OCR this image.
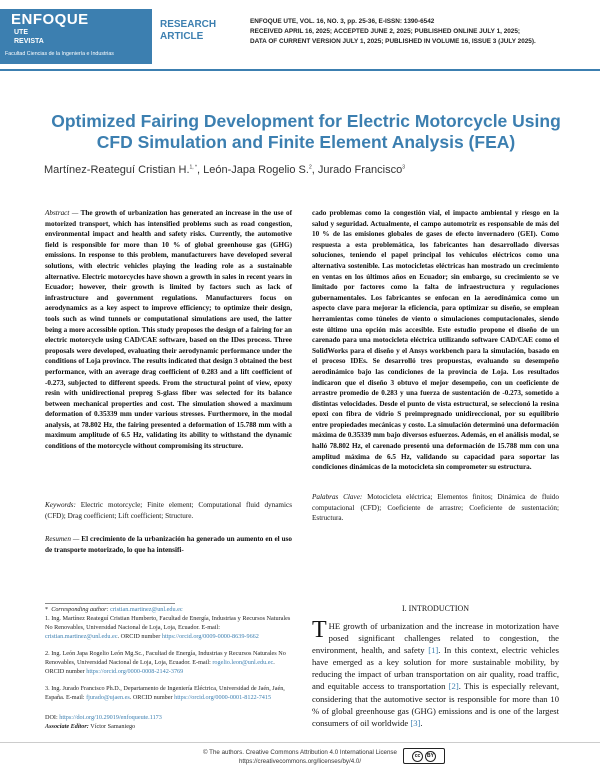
ENFOQUE
UTE
REVISTA
Facultad Ciencias de la Ingeniería e Industrias
RESEARCH
ARTICLE
ENFOQUE UTE, VOL. 16, NO. 3, pp. 25-36, E-ISSN: 1390-6542
RECEIVED APRIL 16, 2025; ACCEPTED JUNE 2, 2025; PUBLISHED ONLINE JULY 1, 2025;
DATA OF CURRENT VERSION JULY 1, 2025; PUBLISHED IN VOLUME 16, ISSUE 3 (JULY 2025).
Optimized Fairing Development for Electric Motorcycle Using CFD Simulation and Finite Element Analysis (FEA)
Martínez-Reateguí Cristian H.$^{1, *}$, León-Japa Rogelio S.$^2$, Jurado Francisco$^3$
Abstract — The growth of urbanization has generated an increase in the use of motorized transport, which has intensified problems such as road congestion, environmental impact and health and safety risks. Currently, the automotive field is responsible for more than 10 % of global greenhouse gas (GHG) emissions. In response to this problem, manufacturers have developed several solutions, with electric vehicles playing the leading role as a sustainable alternative. Electric motorcycles have shown a growth in sales in recent years in Ecuador; however, their growth is limited by factors such as lack of infrastructure and government regulations. Manufacturers focus on aerodynamics as a key aspect to improve efficiency; to optimize their design, tools such as wind tunnels or computational simulations are used, the latter being a more accessible option. This study proposes the design of a fairing for an electric motorcycle using CAD/CAE software, based on the IDes process. Three proposals were developed, evaluating their aerodynamic performance under the conditions of Loja province. The results indicated that design 3 obtained the best performance, with an average drag coefficient of 0.283 and a lift coefficient of -0.273, subjected to different speeds. From the structural point of view, epoxy resin with unidirectional prepreg S-glass fiber was selected for its balance between mechanical properties and cost. The simulation showed a maximum deformation of 0.35339 mm under various stresses. Furthermore, in the modal analysis, at 78.802 Hz, the fairing presented a deformation of 15.788 mm with a maximum amplitude of 6.5 Hz, validating its ability to withstand the dynamic conditions of the motorcycle without compromising its structure.
Keywords: Electric motorcycle; Finite element; Computational fluid dynamics (CFD); Drag coefficient; Lift coefficient; Structure.
Resumen — El crecimiento de la urbanización ha generado un aumento en el uso de transporte motorizado, lo que ha intensifi-
* Corresponding author: cristian.martinez@unl.edu.ec
1. Ing. Martínez Reateguí Cristian Humberto, Facultad de Energía, Industrias y Recursos Naturales No Renovables, Universidad Nacional de Loja, Loja, Ecuador. E-mail: cristian.martinez@unl.edu.ec. ORCID number https://orcid.org/0009-0000-8639-9662
2. Ing. León Japa Rogelio León Mg.Sc., Facultad de Energía, Industrias y Recursos Naturales No Renovables, Universidad Nacional de Loja, Loja, Ecuador. E-mail: rogelio.leon@unl.edu.ec. ORCID number https://orcid.org/0000-0008-2142-3769
3. Ing. Jurado Francisco Ph.D., Departamento de Ingeniería Eléctrica, Universidad de Jaén, Jaén, España. E-mail: fjurado@ujaen.es. ORCID number https://orcid.org/0000-0001-8122-7415
DOI: https://doi.org/10.29019/enfoqueute.1173
Associate Editor: Víctor Samaniego
cado problemas como la congestión vial, el impacto ambiental y riesgo en la salud y seguridad. Actualmente, el campo automotriz es responsable de más del 10 % de las emisiones globales de gases de efecto invernadero (GEI). Como respuesta a esta problemática, los fabricantes han desarrollado diversas soluciones, teniendo el papel principal los vehículos eléctricos como una alternativa sostenible. Las motocicletas eléctricas han mostrado un crecimiento en ventas en los últimos años en Ecuador; sin embargo, su crecimiento se ve limitado por factores como la falta de infraestructura y regulaciones gubernamentales. Los fabricantes se enfocan en la aerodinámica como un aspecto clave para mejorar la eficiencia, para optimizar su diseño, se emplean herramientas como túneles de viento o simulaciones computacionales, siendo este último una opción más accesible. Este estudio propone el diseño de un carenado para una motocicleta eléctrica utilizando software CAD/CAE como el SolidWorks para el diseño y el Ansys workbench para la simulación, basado en el proceso IDEs. Se desarrolló tres propuestas, evaluando su desempeño aerodinámico bajo las condiciones de la provincia de Loja. Los resultados indicaron que el diseño 3 obtuvo el mejor desempeño, con un coeficiente de arrastre promedio de 0.283 y una fuerza de sustentación de -0.273, sometido a distintas velocidades. Desde el punto de vista estructural, se seleccionó la resina epoxi con fibra de vidrio S preimpregnado unidireccional, por su equilibrio entre propiedades mecánicas y costo. La simulación determinó una deformación máxima de 0.35339 mm bajo diversos esfuerzos. Además, en el análisis modal, se halló 78.802 Hz, el carenado presentó una deformación de 15.788 mm con una amplitud máxima de 6.5 Hz, validando su capacidad para soportar las condiciones dinámicas de la motocicleta sin comprometer su estructura.
Palabras Clave: Motocicleta eléctrica; Elementos finitos; Dinámica de fluido computacional (CFD); Coeficiente de arrastre; Coeficiente de sustentación; Estructura.
I. INTRODUCTION
THE growth of urbanization and the increase in motorization have posed significant challenges related to congestion, the environment, health, and safety [1]. In this context, electric vehicles have emerged as a key solution for more sustainable mobility, by reducing the impact of urban transportation on air quality, road traffic, and equitable access to transportation [2]. This is especially relevant, considering that the automotive sector is responsible for more than 10 % of global greenhouse gas (GHG) emissions and is one of the largest consumers of oil worldwide [3].
© The authors. Creative Commons Attribution 4.0 International License
https://creativecommons.org/licenses/by/4.0/
cc	BY
